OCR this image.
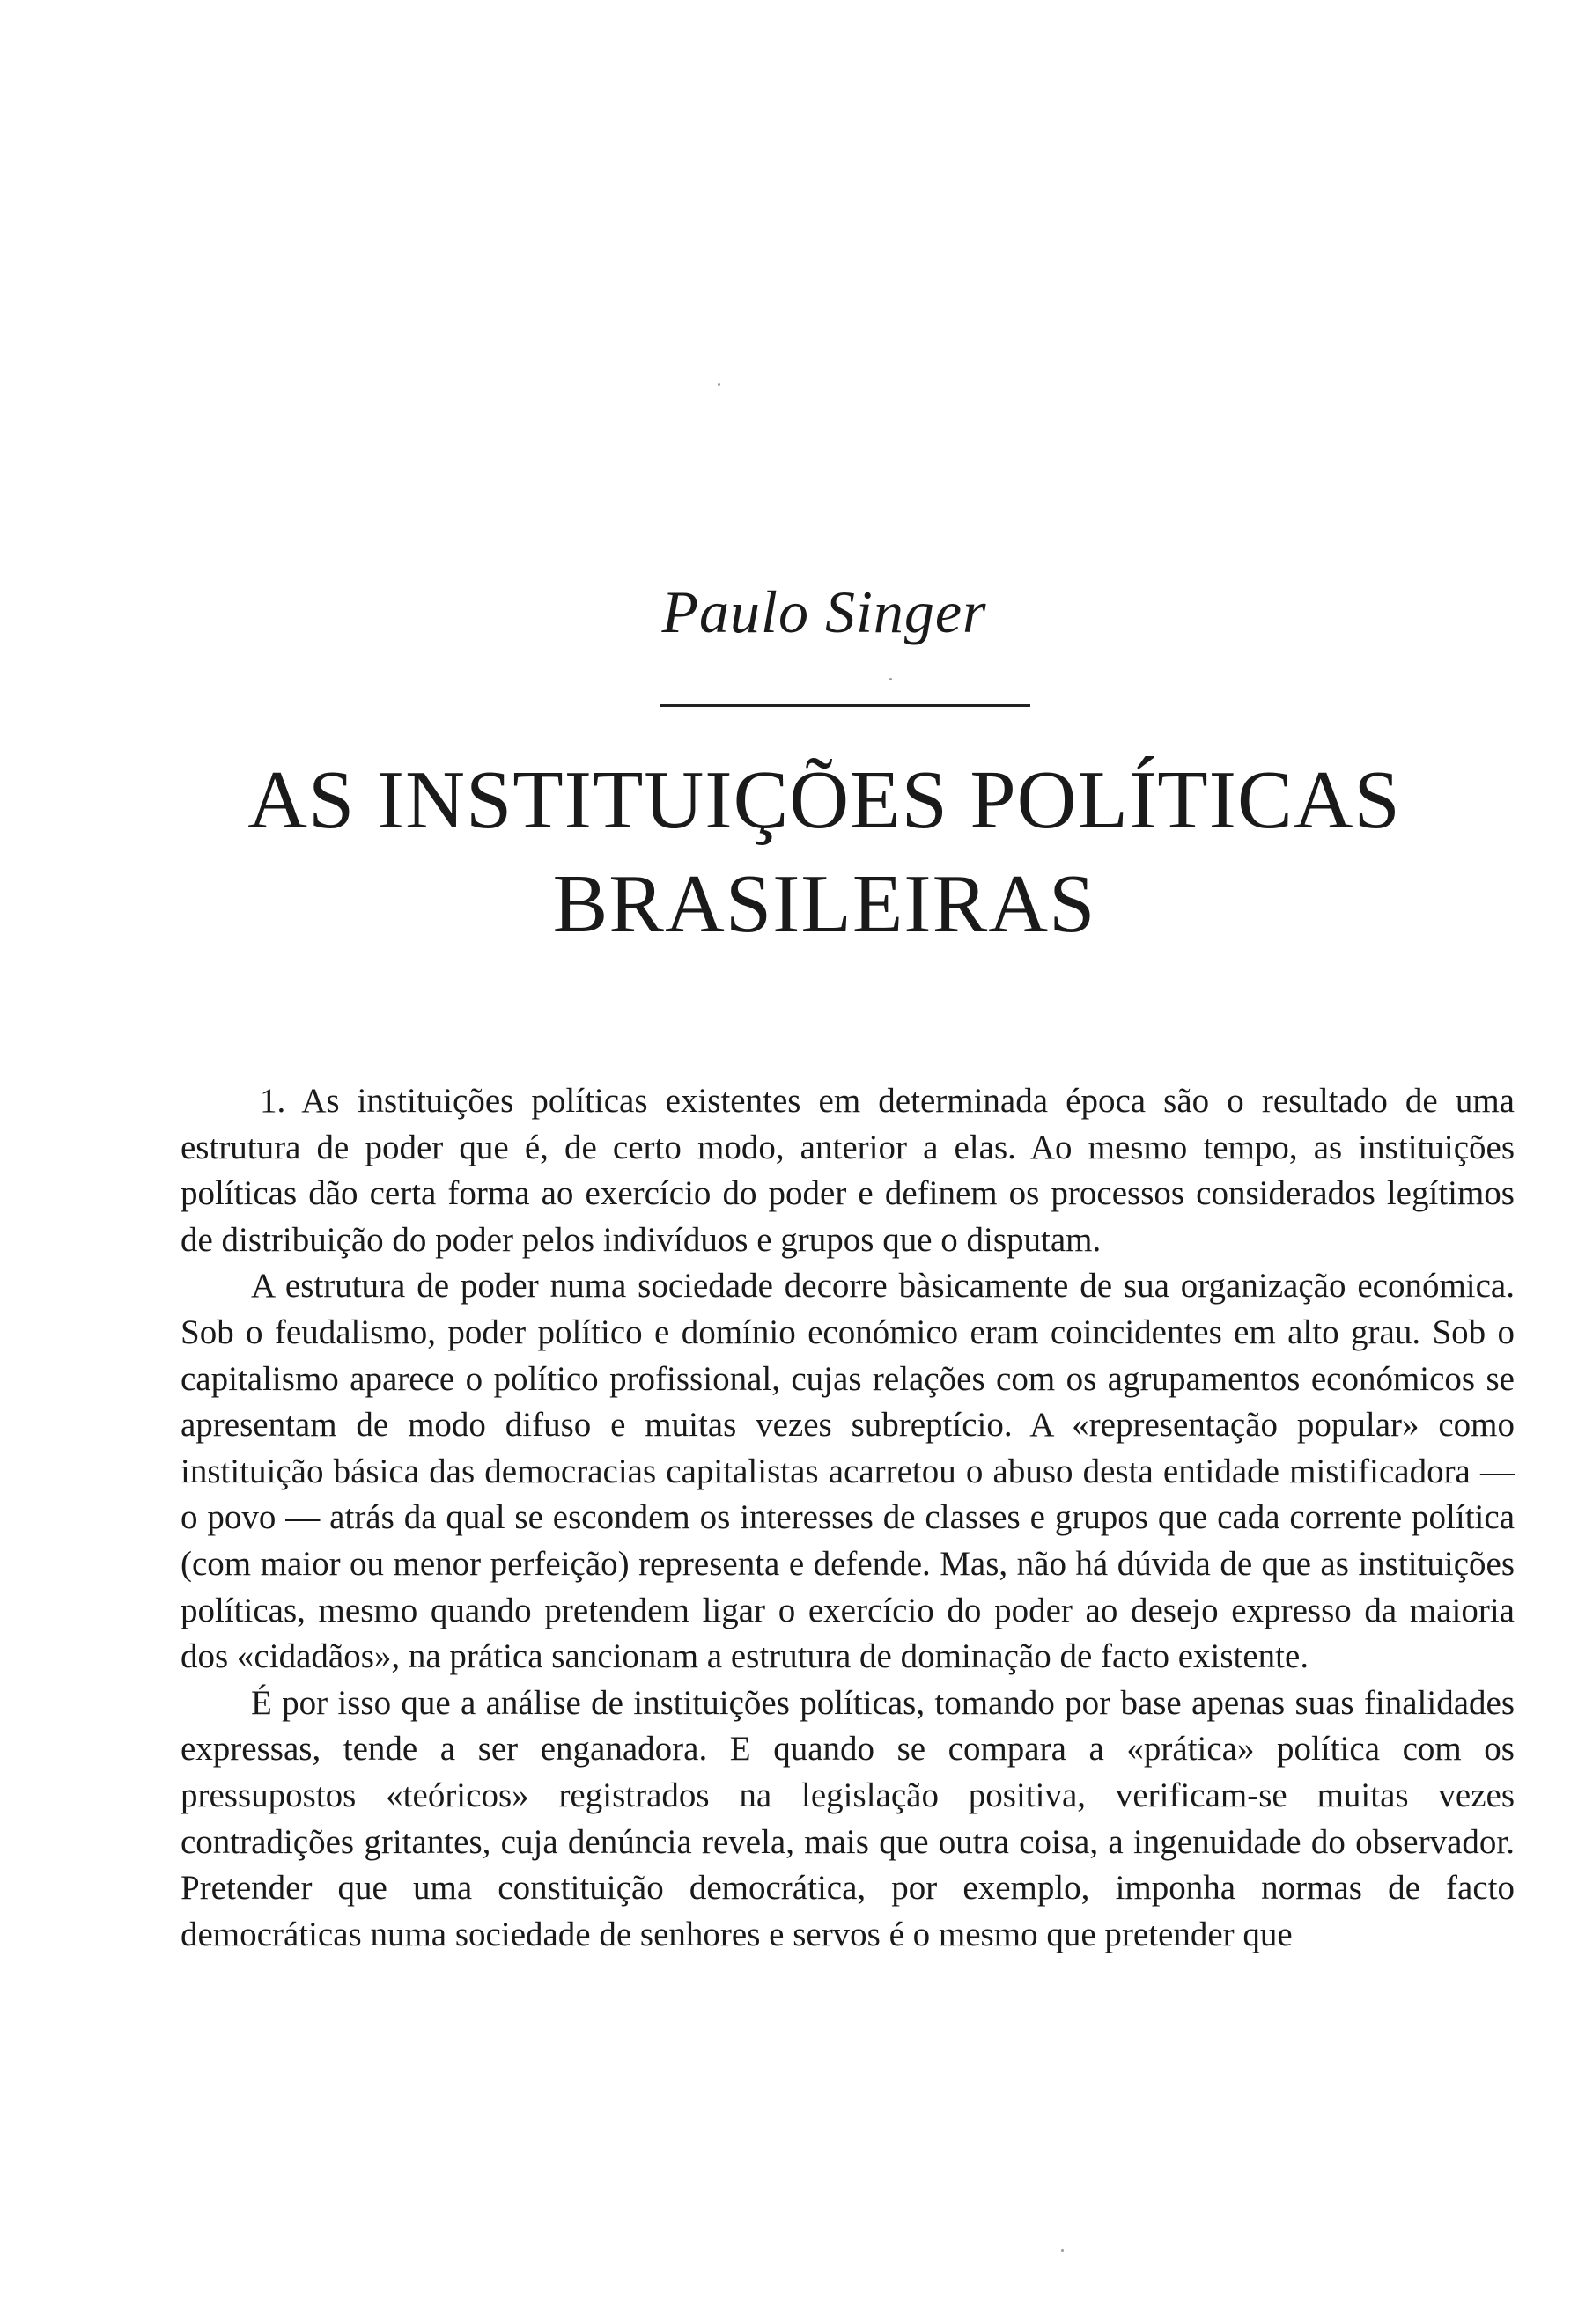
Paulo Singer
AS INSTITUIÇÕES POLÍTICAS
BRASILEIRAS

1. As instituições políticas existentes em determinada época são o resultado de uma estrutura de poder que é, de certo modo, anterior a elas. Ao mesmo tempo, as instituições políticas dão certa forma ao exercício do poder e definem os processos considerados legítimos de distribuição do poder pelos indivíduos e grupos que o disputam.

A estrutura de poder numa sociedade decorre bàsicamente de sua organização económica. Sob o feudalismo, poder político e domínio económico eram coincidentes em alto grau. Sob o capitalismo aparece o político profissional, cujas relações com os agrupamentos económicos se apresentam de modo difuso e muitas vezes subreptício. A «representação popular» como instituição básica das democracias capitalistas acarretou o abuso desta entidade mistificadora — o povo — atrás da qual se escondem os interesses de classes e grupos que cada corrente política (com maior ou menor perfeição) representa e defende. Mas, não há dúvida de que as instituições políticas, mesmo quando pretendem ligar o exercício do poder ao desejo expresso da maioria dos «cidadãos», na prática sancionam a estrutura de dominação de facto existente.

É por isso que a análise de instituições políticas, tomando por base apenas suas finalidades expressas, tende a ser enganadora. E quando se compara a «prática» política com os pressupostos «teóricos» registrados na legislação positiva, verificam-se muitas vezes contradições gritantes, cuja denúncia revela, mais que outra coisa, a ingenuidade do observador. Pretender que uma constituição democrática, por exemplo, imponha normas de facto democráticas numa sociedade de senhores e servos é o mesmo que pretender que
